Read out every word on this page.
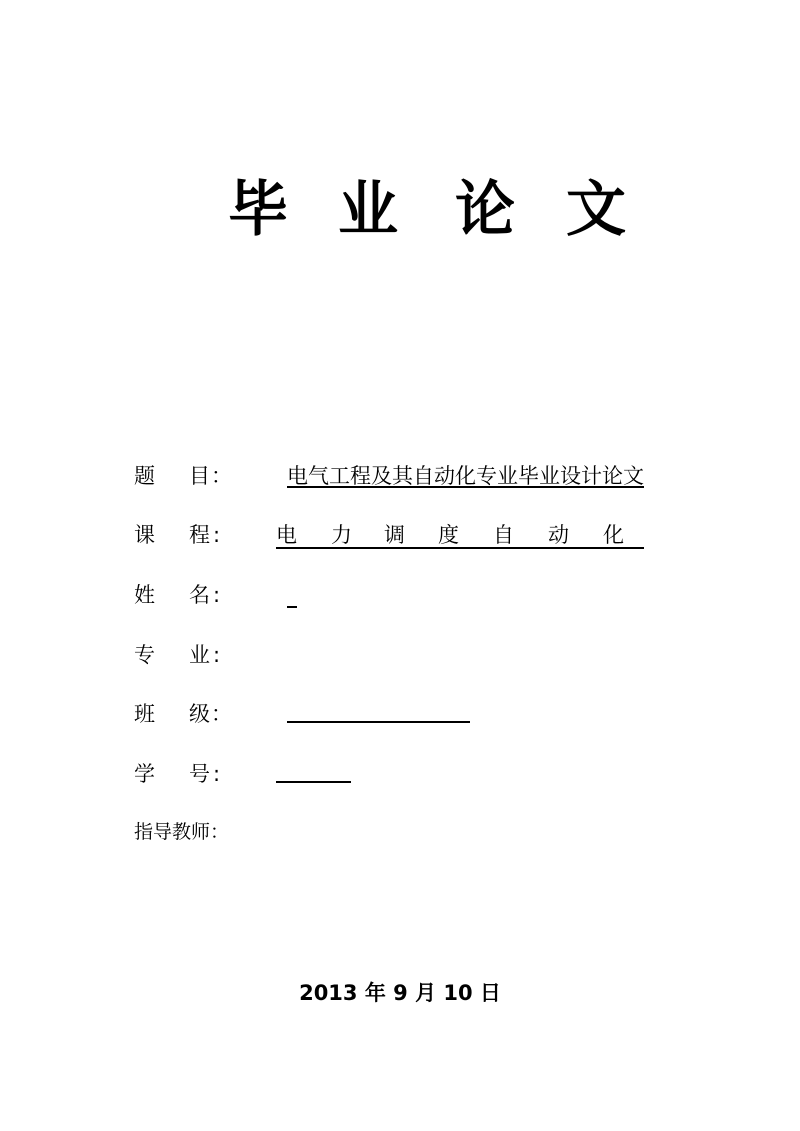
毕 业 论 文
题 目 ：	电气工程及其自动化专业毕业设计论文
课 程 :	电 力 调 度 自 动 化
姓 名 :
专 业 :
班 级 ：
学 号 :
指导教师 ：
2013 年 9 月 10 日
